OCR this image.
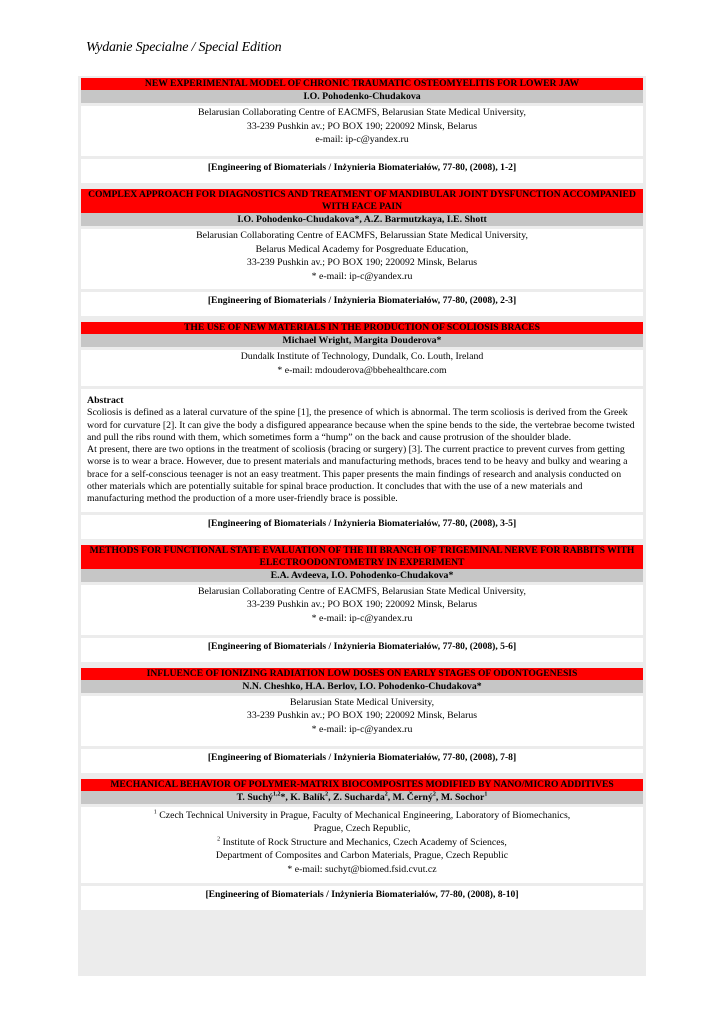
Wydanie Specialne / Special Edition
NEW EXPERIMENTAL MODEL OF CHRONIC TRAUMATIC OSTEOMYELITIS FOR LOWER JAW
I.O. Pohodenko-Chudakova
Belarusian Collaborating Centre of EACMFS, Belarusian State Medical University,
33-239 Pushkin av.; PO BOX 190; 220092 Minsk, Belarus
e-mail: ip-c@yandex.ru
[Engineering of Biomaterials / Inżynieria Biomateriałów, 77-80, (2008), 1-2]
COMPLEX APPROACH FOR DIAGNOSTICS AND TREATMENT OF MANDIBULAR JOINT DYSFUNCTION ACCOMPANIED WITH FACE PAIN
I.O. Pohodenko-Chudakova*, A.Z. Barmutzkaya, I.E. Shott
Belarusian Collaborating Centre of EACMFS, Belarussian State Medical University,
Belarus Medical Academy for Posgreduate Education,
33-239 Pushkin av.; PO BOX 190; 220092 Minsk, Belarus
* e-mail: ip-c@yandex.ru
[Engineering of Biomaterials / Inżynieria Biomateriałów, 77-80, (2008), 2-3]
THE USE OF NEW MATERIALS IN THE PRODUCTION OF SCOLIOSIS BRACES
Michael Wright, Margita Douderova*
Dundalk Institute of Technology, Dundalk, Co. Louth, Ireland
* e-mail: mdouderova@bbehealthcare.com
Abstract
Scoliosis is defined as a lateral curvature of the spine [1], the presence of which is abnormal. The term scoliosis is derived from the Greek word for curvature [2]. It can give the body a disfigured appearance because when the spine bends to the side, the vertebrae become twisted and pull the ribs round with them, which sometimes form a “hump” on the back and cause protrusion of the shoulder blade.
At present, there are two options in the treatment of scoliosis (bracing or surgery) [3]. The current practice to prevent curves from getting worse is to wear a brace. However, due to present materials and manufacturing methods, braces tend to be heavy and bulky and wearing a brace for a self-conscious teenager is not an easy treatment. This paper presents the main findings of research and analysis conducted on other materials which are potentially suitable for spinal brace production. It concludes that with the use of a new materials and manufacturing method the production of a more user-friendly brace is possible.
[Engineering of Biomaterials / Inżynieria Biomateriałów, 77-80, (2008), 3-5]
METHODS FOR FUNCTIONAL STATE EVALUATION OF THE III BRANCH OF TRIGEMINAL NERVE FOR RABBITS WITH ELECTROODONTOMETRY IN EXPERIMENT
E.A. Avdeeva, I.O. Pohodenko-Chudakova*
Belarusian Collaborating Centre of EACMFS, Belarusian State Medical University,
33-239 Pushkin av.; PO BOX 190; 220092 Minsk, Belarus
* e-mail: ip-c@yandex.ru
[Engineering of Biomaterials / Inżynieria Biomateriałów, 77-80, (2008), 5-6]
INFLUENCE OF IONIZING RADIATION LOW DOSES ON EARLY STAGES OF ODONTOGENESIS
N.N. Cheshko, H.A. Berlov, I.O. Pohodenko-Chudakova*
Belarusian State Medical University,
33-239 Pushkin av.; PO BOX 190; 220092 Minsk, Belarus
* e-mail: ip-c@yandex.ru
[Engineering of Biomaterials / Inżynieria Biomateriałów, 77-80, (2008), 7-8]
MECHANICAL BEHAVIOR OF POLYMER-MATRIX BIOCOMPOSITES MODIFIED BY NANO/MICRO ADDITIVES
T. Suchý$^{1,2}$*, K. Balík$^2$, Z. Sucharda$^2$, M. Černý$^2$, M. Sochor$^1$
$^1$ Czech Technical University in Prague, Faculty of Mechanical Engineering, Laboratory of Biomechanics,
Prague, Czech Republic,
$^2$ Institute of Rock Structure and Mechanics, Czech Academy of Sciences,
Department of Composites and Carbon Materials, Prague, Czech Republic
* e-mail: suchyt@biomed.fsid.cvut.cz
[Engineering of Biomaterials / Inżynieria Biomateriałów, 77-80, (2008), 8-10]
